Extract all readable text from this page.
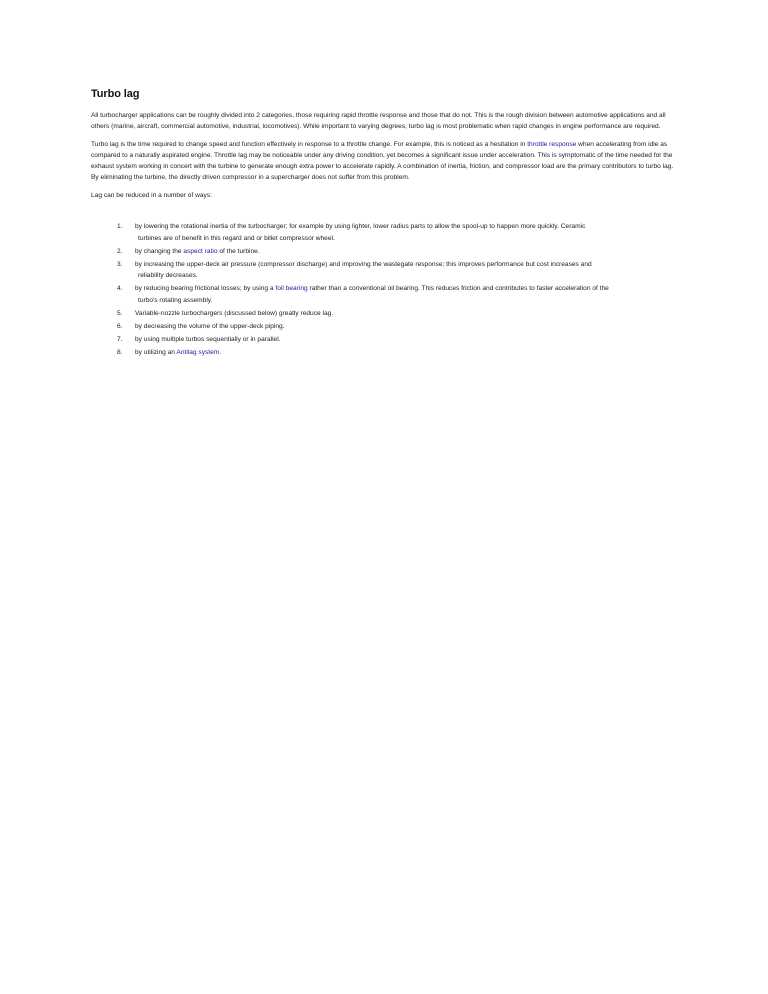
Turbo lag

All turbocharger applications can be roughly divided into 2 categories, those requiring rapid throttle response and those that do not. This is the rough division between automotive applications and all others (marine, aircraft, commercial automotive, industrial, locomotives). While important to varying degrees, turbo lag is most problematic when rapid changes in engine performance are required.

Turbo lag is the time required to change speed and function effectively in response to a throttle change. For example, this is noticed as a hesitation in throttle response when accelerating from idle as compared to a naturally aspirated engine. Throttle lag may be noticeable under any driving condition, yet becomes a significant issue under acceleration. This is symptomatic of the time needed for the exhaust system working in concert with the turbine to generate enough extra power to accelerate rapidly. A combination of inertia, friction, and compressor load are the primary contributors to turbo lag. By eliminating the turbine, the directly driven compressor in a supercharger does not suffer from this problem.

Lag can be reduced in a number of ways:

1. by lowering the rotational inertia of the turbocharger; for example by using lighter, lower radius parts to allow the spool-up to happen more quickly. Ceramic
turbines are of benefit in this regard and or billet compressor wheel.
2. by changing the aspect ratio of the turbine.
3. by increasing the upper-deck air pressure (compressor discharge) and improving the wastegate response; this improves performance but cost increases and
reliability decreases.
4. by reducing bearing frictional losses; by using a foil bearing rather than a conventional oil bearing. This reduces friction and contributes to faster acceleration of the
turbo's rotating assembly.
5. Variable-nozzle turbochargers (discussed below) greatly reduce lag.
6. by decreasing the volume of the upper-deck piping.
7. by using multiple turbos sequentially or in parallel.
8. by utilizing an Antilag system.
